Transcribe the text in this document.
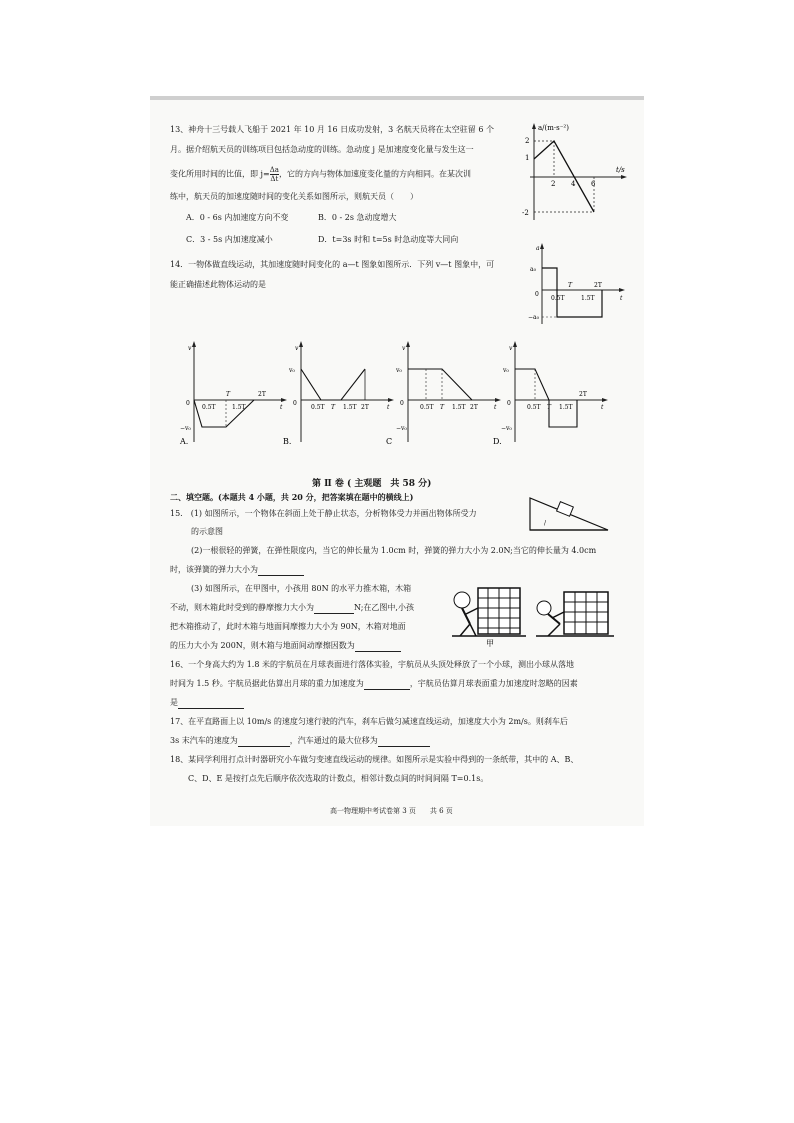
13、神舟十三号载人飞船于 2021 年 10 月 16 日成功发射，3 名航天员将在太空驻留 6 个
月。据介绍航天员的训练项目包括急动度的训练。急动度 j 是加速度变化量与发生这一
变化所用时间的比值，即 $j= \frac{\Delta a}{\Delta t}$ ，它的方向与物体加速度变化量的方向相同。在某次训
练中，航天员的加速度随时间的变化关系如图所示，则航天员（　　）
A．0 - 6s 内加速度方向不变	B．0 - 2s 急动度增大
C．3 - 5s 内加速度减小	D．t=3s 时和 t=5s 时急动度等大同向
a/(m·s⁻²)
t/s
2
1
-2
2 4 6
14．一物体做直线运动，其加速度随时间变化的 a—t 图象如图所示．下列 v—t 图象中，可
能正确描述此物体运动的是
a
a₀
−a₀
0
0.5T
T
1.5T
2T
t
v
0
−v₀
0.5T
T
1.5T
2T
t
A.
v
v₀
0
0.5T T 1.5T 2T	t
B.
v
v₀
0
−v₀
0.5T T 1.5T 2T	t
C
v
v₀
0
−v₀
0.5T T 1.5T
2T
t
D.
第 Ⅱ 卷 ( 主观题　共 58 分)
二、填空题。(本题共 4 小题，共 20 分，把答案填在题中的横线上)
15.　(1) 如图所示，一个物体在斜面上处于静止状态，分析物体受力并画出物体所受力
的示意图
/
(2)一根很轻的弹簧，在弹性限度内，当它的伸长量为 1.0cm 时，弹簧的弹力大小为 2.0N;当它的伸长量为 4.0cm
时，该弹簧的弹力大小为
(3) 如图所示，在甲图中，小孩用 80N 的水平力推木箱，木箱
不动，则木箱此时受到的静摩擦力大小为	N;在乙图中,小孩
把木箱推动了，此时木箱与地面间摩擦力大小为 90N，木箱对地面
的压力大小为 200N，则木箱与地面间动摩擦因数为	甲
16、一个身高大约为 1.8 米的宇航员在月球表面进行落体实验，宇航员从头顶处释放了一个小球，测出小球从落地
时间为 1.5 秒。宇航员据此估算出月球的重力加速度为	，宇航员估算月球表面重力加速度时忽略的因素
是
17、在平直路面上以 10m/s 的速度匀速行驶的汽车，刹车后做匀减速直线运动，加速度大小为 2m/s。则刹车后
3s 末汽车的速度为	，汽车通过的最大位移为
18、某同学利用打点计时器研究小车做匀变速直线运动的规律。如图所示是实验中得到的一条纸带，其中的 A、B、
C、D、E 是按打点先后顺序依次选取的计数点，相邻计数点间的时间间隔 T=0.1s。
高一物理期中考试卷第 3 页　　共 6 页
